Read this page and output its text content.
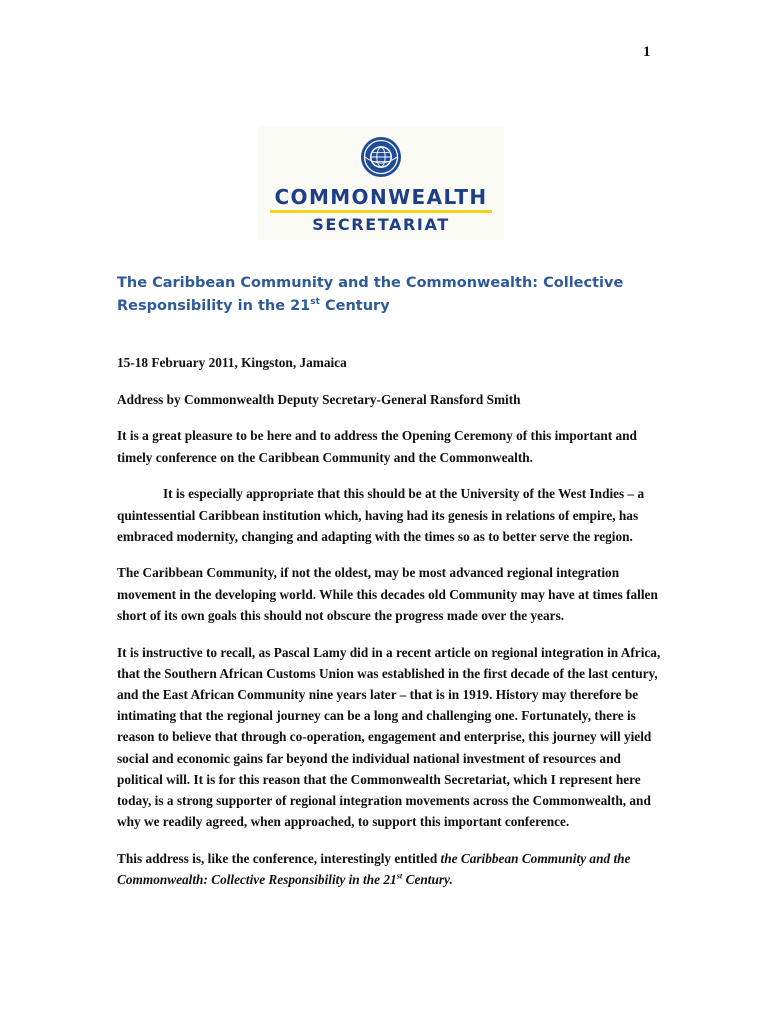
1
COMMONWEALTH
SECRETARIAT
The Caribbean Community and the Commonwealth: Collective Responsibility in the 21st Century

15-18 February 2011, Kingston, Jamaica

Address by Commonwealth Deputy Secretary-General Ransford Smith

It is a great pleasure to be here and to address the Opening Ceremony of this important and timely conference on the Caribbean Community and the Commonwealth.

It is especially appropriate that this should be at the University of the West Indies – a quintessential Caribbean institution which, having had its genesis in relations of empire, has embraced modernity, changing and adapting with the times so as to better serve the region.

The Caribbean Community, if not the oldest, may be most advanced regional integration movement in the developing world. While this decades old Community may have at times fallen short of its own goals this should not obscure the progress made over the years.

It is instructive to recall, as Pascal Lamy did in a recent article on regional integration in Africa, that the Southern African Customs Union was established in the first decade of the last century, and the East African Community nine years later – that is in 1919. History may therefore be intimating that the regional journey can be a long and challenging one. Fortunately, there is reason to believe that through co-operation, engagement and enterprise, this journey will yield social and economic gains far beyond the individual national investment of resources and political will. It is for this reason that the Commonwealth Secretariat, which I represent here today, is a strong supporter of regional integration movements across the Commonwealth, and why we readily agreed, when approached, to support this important conference.

This address is, like the conference, interestingly entitled the Caribbean Community and the Commonwealth: Collective Responsibility in the 21st Century.
